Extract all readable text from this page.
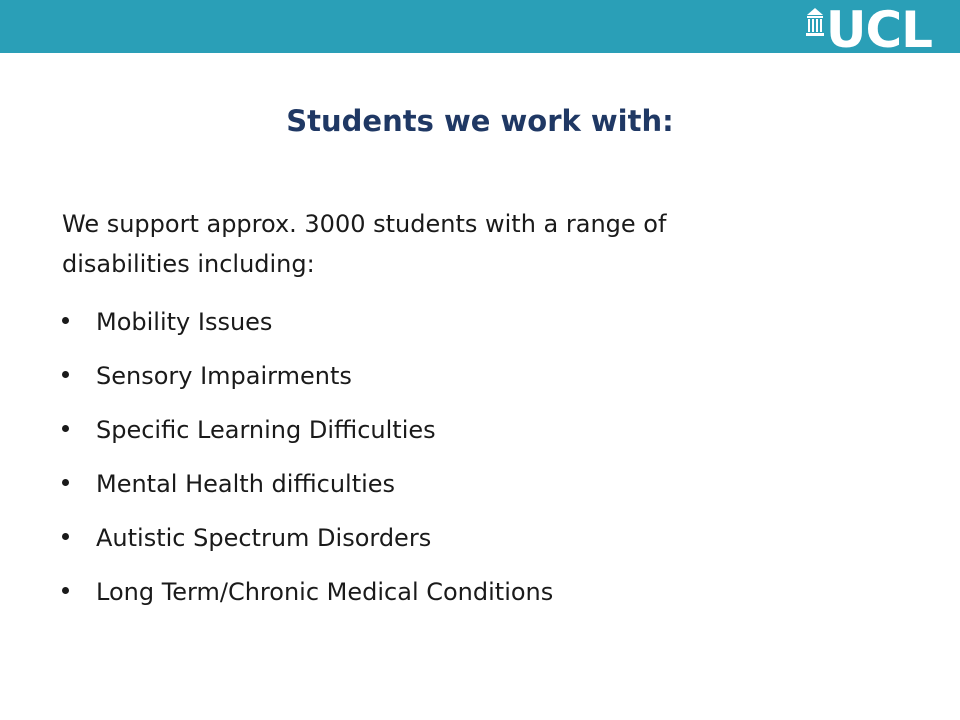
UCL
Students we work with:

We support approx. 3000 students with a range of
disabilities including:

Mobility Issues
Sensory Impairments
Specific Learning Difficulties
Mental Health difficulties
Autistic Spectrum Disorders
Long Term/Chronic Medical Conditions
